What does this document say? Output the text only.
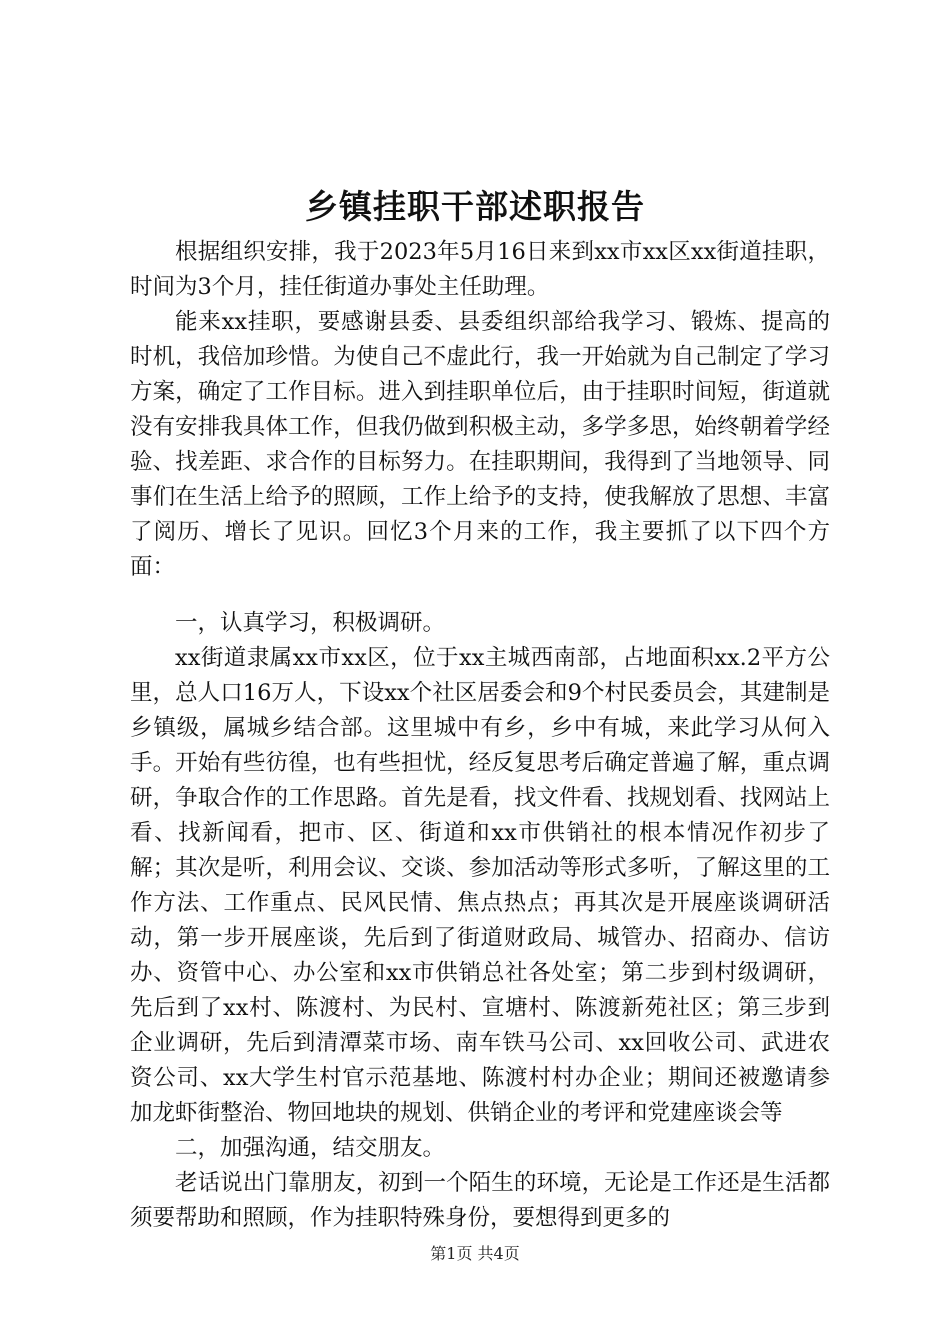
乡镇挂职干部述职报告

根据组织安排，我于2023年5月16日来到xx市xx区xx街道挂职，时间为3个月，挂任街道办事处主任助理。

能来xx挂职，要感谢县委、县委组织部给我学习、锻炼、提高的时机，我倍加珍惜。为使自己不虚此行，我一开始就为自己制定了学习方案，确定了工作目标。进入到挂职单位后，由于挂职时间短，街道就没有安排我具体工作，但我仍做到积极主动，多学多思，始终朝着学经验、找差距、求合作的目标努力。在挂职期间，我得到了当地领导、同事们在生活上给予的照顾，工作上给予的支持，使我解放了思想、丰富了阅历、增长了见识。回忆3个月来的工作，我主要抓了以下四个方面：

一，认真学习，积极调研。

xx街道隶属xx市xx区，位于xx主城西南部，占地面积xx.2平方公里，总人口16万人，下设xx个社区居委会和9个村民委员会，其建制是乡镇级，属城乡结合部。这里城中有乡，乡中有城，来此学习从何入手。开始有些彷徨，也有些担忧，经反复思考后确定普遍了解，重点调研，争取合作的工作思路。首先是看，找文件看、找规划看、找网站上看、找新闻看，把市、区、街道和xx市供销社的根本情况作初步了解；其次是听，利用会议、交谈、参加活动等形式多听，了解这里的工作方法、工作重点、民风民情、焦点热点；再其次是开展座谈调研活动，第一步开展座谈，先后到了街道财政局、城管办、招商办、信访办、资管中心、办公室和xx市供销总社各处室；第二步到村级调研，先后到了xx村、陈渡村、为民村、宣塘村、陈渡新苑社区；第三步到企业调研，先后到清潭菜市场、南车铁马公司、xx回收公司、武进农资公司、xx大学生村官示范基地、陈渡村村办企业；期间还被邀请参加龙虾街整治、物回地块的规划、供销企业的考评和党建座谈会等

二，加强沟通，结交朋友。

老话说出门靠朋友，初到一个陌生的环境，无论是工作还是生活都须要帮助和照顾，作为挂职特殊身份，要想得到更多的

第1页 共4页
